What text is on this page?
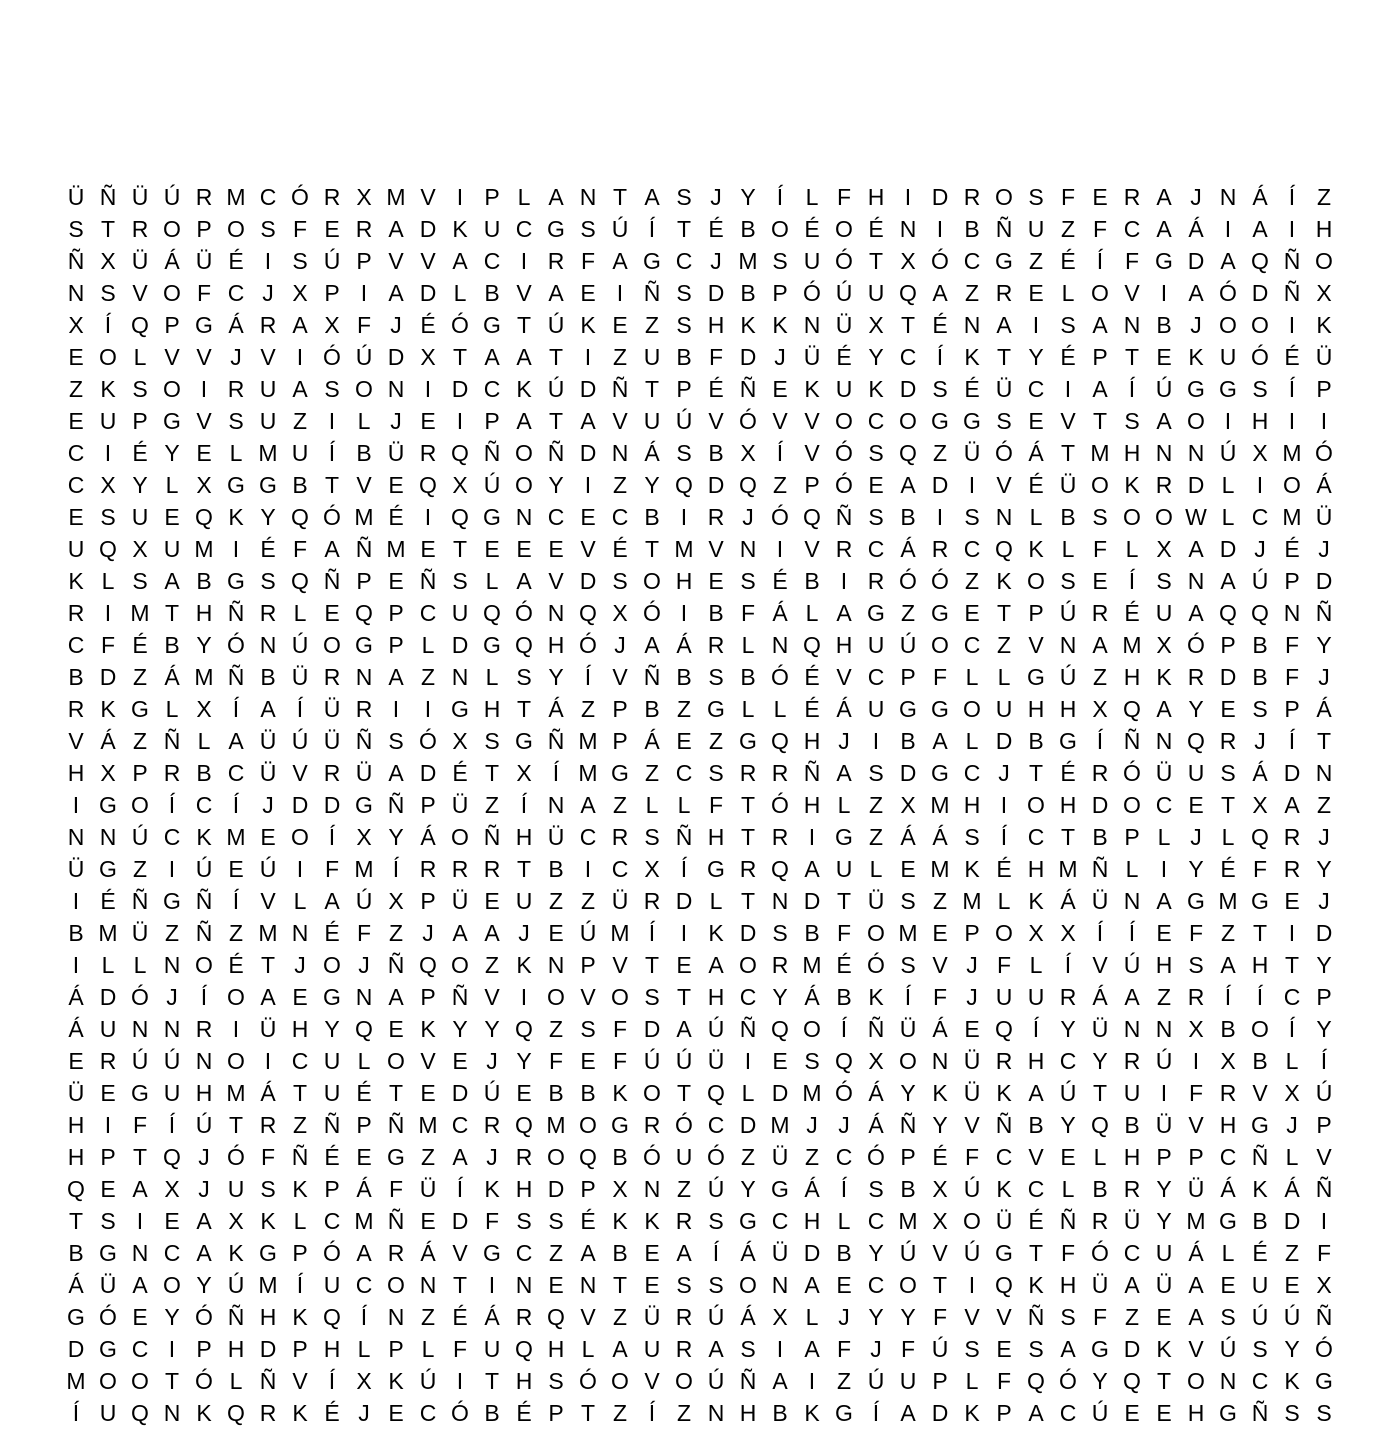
Ü Ñ Ü Ú R M C Ó R X M V I P L A N T A S J Y Í L F H I D R O S F E R A J N Á Í Z
S T R O P O S F E R A D K U C G S Ú Í T É B O É O É N I B Ñ U Z F C A Á I A I H
Ñ X Ü Á Ü É I S Ú P V V A C I R F A G C J M S U Ó T X Ó C G Z É Í F G D A Q Ñ O
N S V O F C J X P I A D L B V A E I Ñ S D B P Ó Ú U Q A Z R E L O V I A Ó D Ñ X
X Í Q P G Á R A X F J É Ó G T Ú K E Z S H K K N Ü X T É N A I S A N B J O O I K
E O L V V J V I Ó Ú D X T A A T I Z U B F D J Ü É Y C Í K T Y É P T E K U Ó É Ü
Z K S O I R U A S O N I D C K Ú D Ñ T P É Ñ E K U K D S É Ü C I A Í Ú G G S Í P
E U P G V S U Z I L J E I P A T A V U Ú V Ó V V O C O G G S E V T S A O I H I	I
C I É Y E L M U Í B Ü R Q Ñ O Ñ D N Á S B X Í V Ó S Q Z Ü Ó Á T M H N N Ú X M Ó
C X Y L X G G B T V E Q X Ú O Y I Z Y Q D Q Z P Ó E A D I V É Ü O K R D L I O Á
E S U E Q K Y Q Ó M É I Q G N C E C B I R J Ó Q Ñ S B I S N L B S O O W L C M Ü
U Q X U M I É F A Ñ M E T E E E V É T M V N I V R C Á R C Q K L F L X A D J É J
K L S A B G S Q Ñ P E Ñ S L A V D S O H E S É B I R Ó Ó Z K O S E Í S N A Ú P D
R I M T H Ñ R L E Q P C U Q Ó N Q X Ó I B F Á L A G Z G E T P Ú R É U A Q Q N Ñ
C F É B Y Ó N Ú O G P L D G Q H Ó J A Á R L N Q H U Ú O C Z V N A M X Ó P B F Y
B D Z Á M Ñ B Ü R N A Z N L S Y Í V Ñ B S B Ó É V C P F L L G Ú Z H K R D B F J
R K G L X Í A Í Ü R I	I G H T Á Z P B Z G L L É Á U G G O U H H X Q A Y E S P Á
V Á Z Ñ L A Ü Ú Ü Ñ S Ó X S G Ñ M P Á E Z G Q H J	I B A L D B G Í Ñ N Q R J	Í T
H X P R B C Ü V R Ü A D É T X Í M G Z C S R R Ñ A S D G C J T É R Ó Ü U S Á D N
I G O Í C Í	J D D G Ñ P Ü Z Í N A Z L L F T Ó H L Z X M H I O H D O C E T X A Z
N N Ú C K M E O Í X Y Á O Ñ H Ü C R S Ñ H T R I G Z Á Á S Í C T B P L J L Q R J
Ü G Z I Ú E Ú I F M Í R R R T B I C X Í G R Q A U L E M K É H M Ñ L I Y É F R Y
I É Ñ G Ñ Í V L A Ú X P Ü E U Z Z Ü R D L T N D T Ü S Z M L K Á Ü N A G M G E J
B M Ü Z Ñ Z M N É F Z J A A J E Ú M Í	I K D S B F O M E P O X X Í	Í E F Z T I D
I L L N O É T J O J Ñ Q O Z K N P V T E A O R M É Ó S V J F L Í V Ú H S A H T Y
Á D Ó J	Í O A E G N A P Ñ V I O V O S T H C Y Á B K Í F J U U R Á A Z R Í	Í C P
Á U N N R I Ü H Y Q E K Y Y Q Z S F D A Ú Ñ Q O Í Ñ Ü Á E Q Í Y Ü N N X B O Í Y
E R Ú Ú N O I C U L O V E J Y F E F Ú Ú Ü I E S Q X O N Ü R H C Y R Ú I X B L Í
Ü E G U H M Á T U É T E D Ú E B B K O T Q L D M Ó Á Y K Ü K A Ú T U I F R V X Ú
H I F Í Ú T R Z Ñ P Ñ M C R Q M O G R Ó C D M J J Á Ñ Y V Ñ B Y Q B Ü V H G J P
H P T Q J Ó F Ñ É E G Z A J R O Q B Ó U Ó Z Ü Z C Ó P É F C V E L H P P C Ñ L V
Q E A X J U S K P Á F Ü Í K H D P X N Z Ú Y G Á Í S B X Ú K C L B R Y Ü Á K Á Ñ
T S I E A X K L C M Ñ E D F S S É K K R S G C H L C M X O Ü É Ñ R Ü Y M G B D I
B G N C A K G P Ó A R Á V G C Z A B E A Í Á Ü D B Y Ú V Ú G T F Ó C U Á L É Z F
Á Ü A O Y Ú M Í U C O N T I N E N T E S S O N A E C O T I Q K H Ü A Ü A E U E X
G Ó E Y Ó Ñ H K Q Í N Z É Á R Q V Z Ü R Ú Á X L J Y Y F V V Ñ S F Z E A S Ú Ú Ñ
D G C I P H D P H L P L F U Q H L A U R A S I A F J F Ú S E S A G D K V Ú S Y Ó
M O O T Ó L Ñ V Í X K Ú I T H S Ó O V O Ú Ñ A I Z Ú U P L F Q Ó Y Q T O N C K G
Í U Q N K Q R K É J E C Ó B É P T Z Í Z N H B K G Í A D K P A C Ú E E H G Ñ S S
